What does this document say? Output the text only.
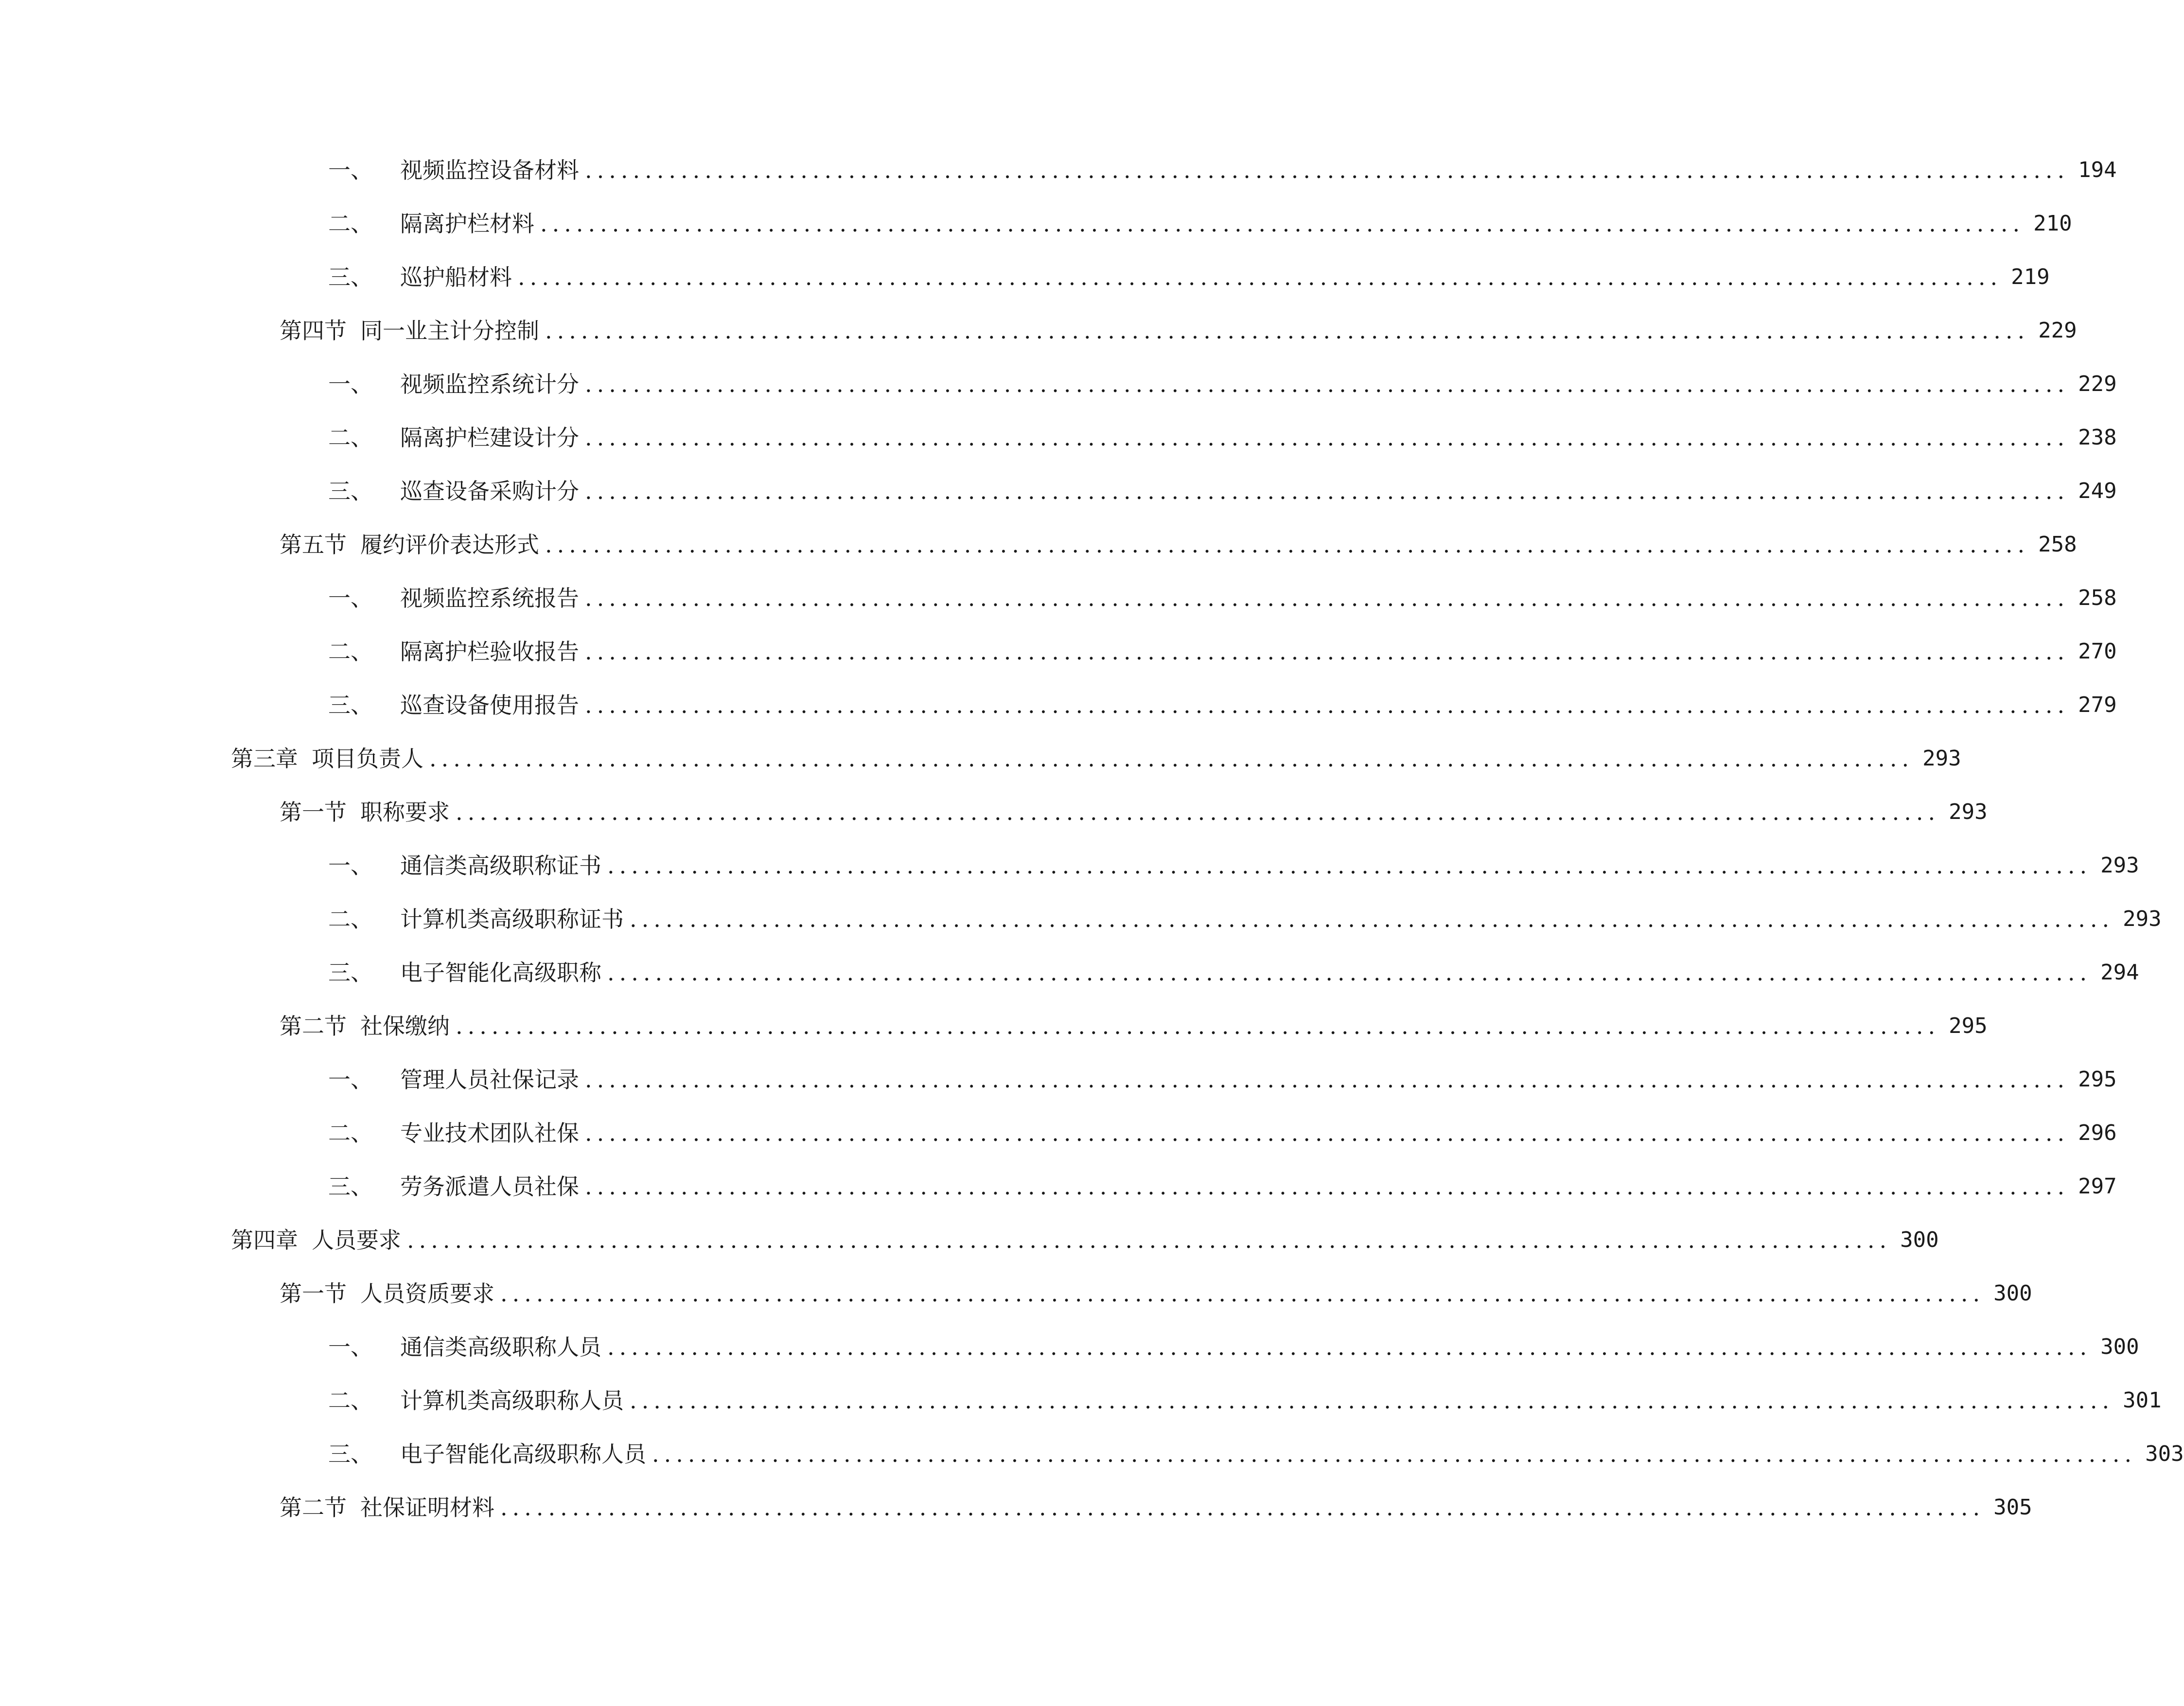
一、	视频监控设备材料 ............................................................................................................................ 194
二、	隔离护栏材料 ............................................................................................................................ 210
三、	巡护船材料 ............................................................................................................................ 219
第四节 同一业主计分控制 ............................................................................................................................ 229
一、	视频监控系统计分 ............................................................................................................................ 229
二、	隔离护栏建设计分 ............................................................................................................................ 238
三、	巡查设备采购计分 ............................................................................................................................ 249
第五节 履约评价表达形式 ............................................................................................................................ 258
一、	视频监控系统报告 ............................................................................................................................ 258
二、	隔离护栏验收报告 ............................................................................................................................ 270
三、	巡查设备使用报告 ............................................................................................................................ 279
第三章 项目负责人 ............................................................................................................................ 293
第一节 职称要求 ............................................................................................................................ 293
一、	通信类高级职称证书 ............................................................................................................................ 293
二、	计算机类高级职称证书 ............................................................................................................................ 293
三、	电子智能化高级职称 ............................................................................................................................ 294
第二节 社保缴纳 ............................................................................................................................ 295
一、	管理人员社保记录 ............................................................................................................................ 295
二、	专业技术团队社保 ............................................................................................................................ 296
三、	劳务派遣人员社保 ............................................................................................................................ 297
第四章 人员要求 ............................................................................................................................ 300
第一节 人员资质要求 ............................................................................................................................ 300
一、	通信类高级职称人员 ............................................................................................................................ 300
二、	计算机类高级职称人员 ............................................................................................................................ 301
三、	电子智能化高级职称人员 ............................................................................................................................ 303
第二节 社保证明材料 ............................................................................................................................ 305
